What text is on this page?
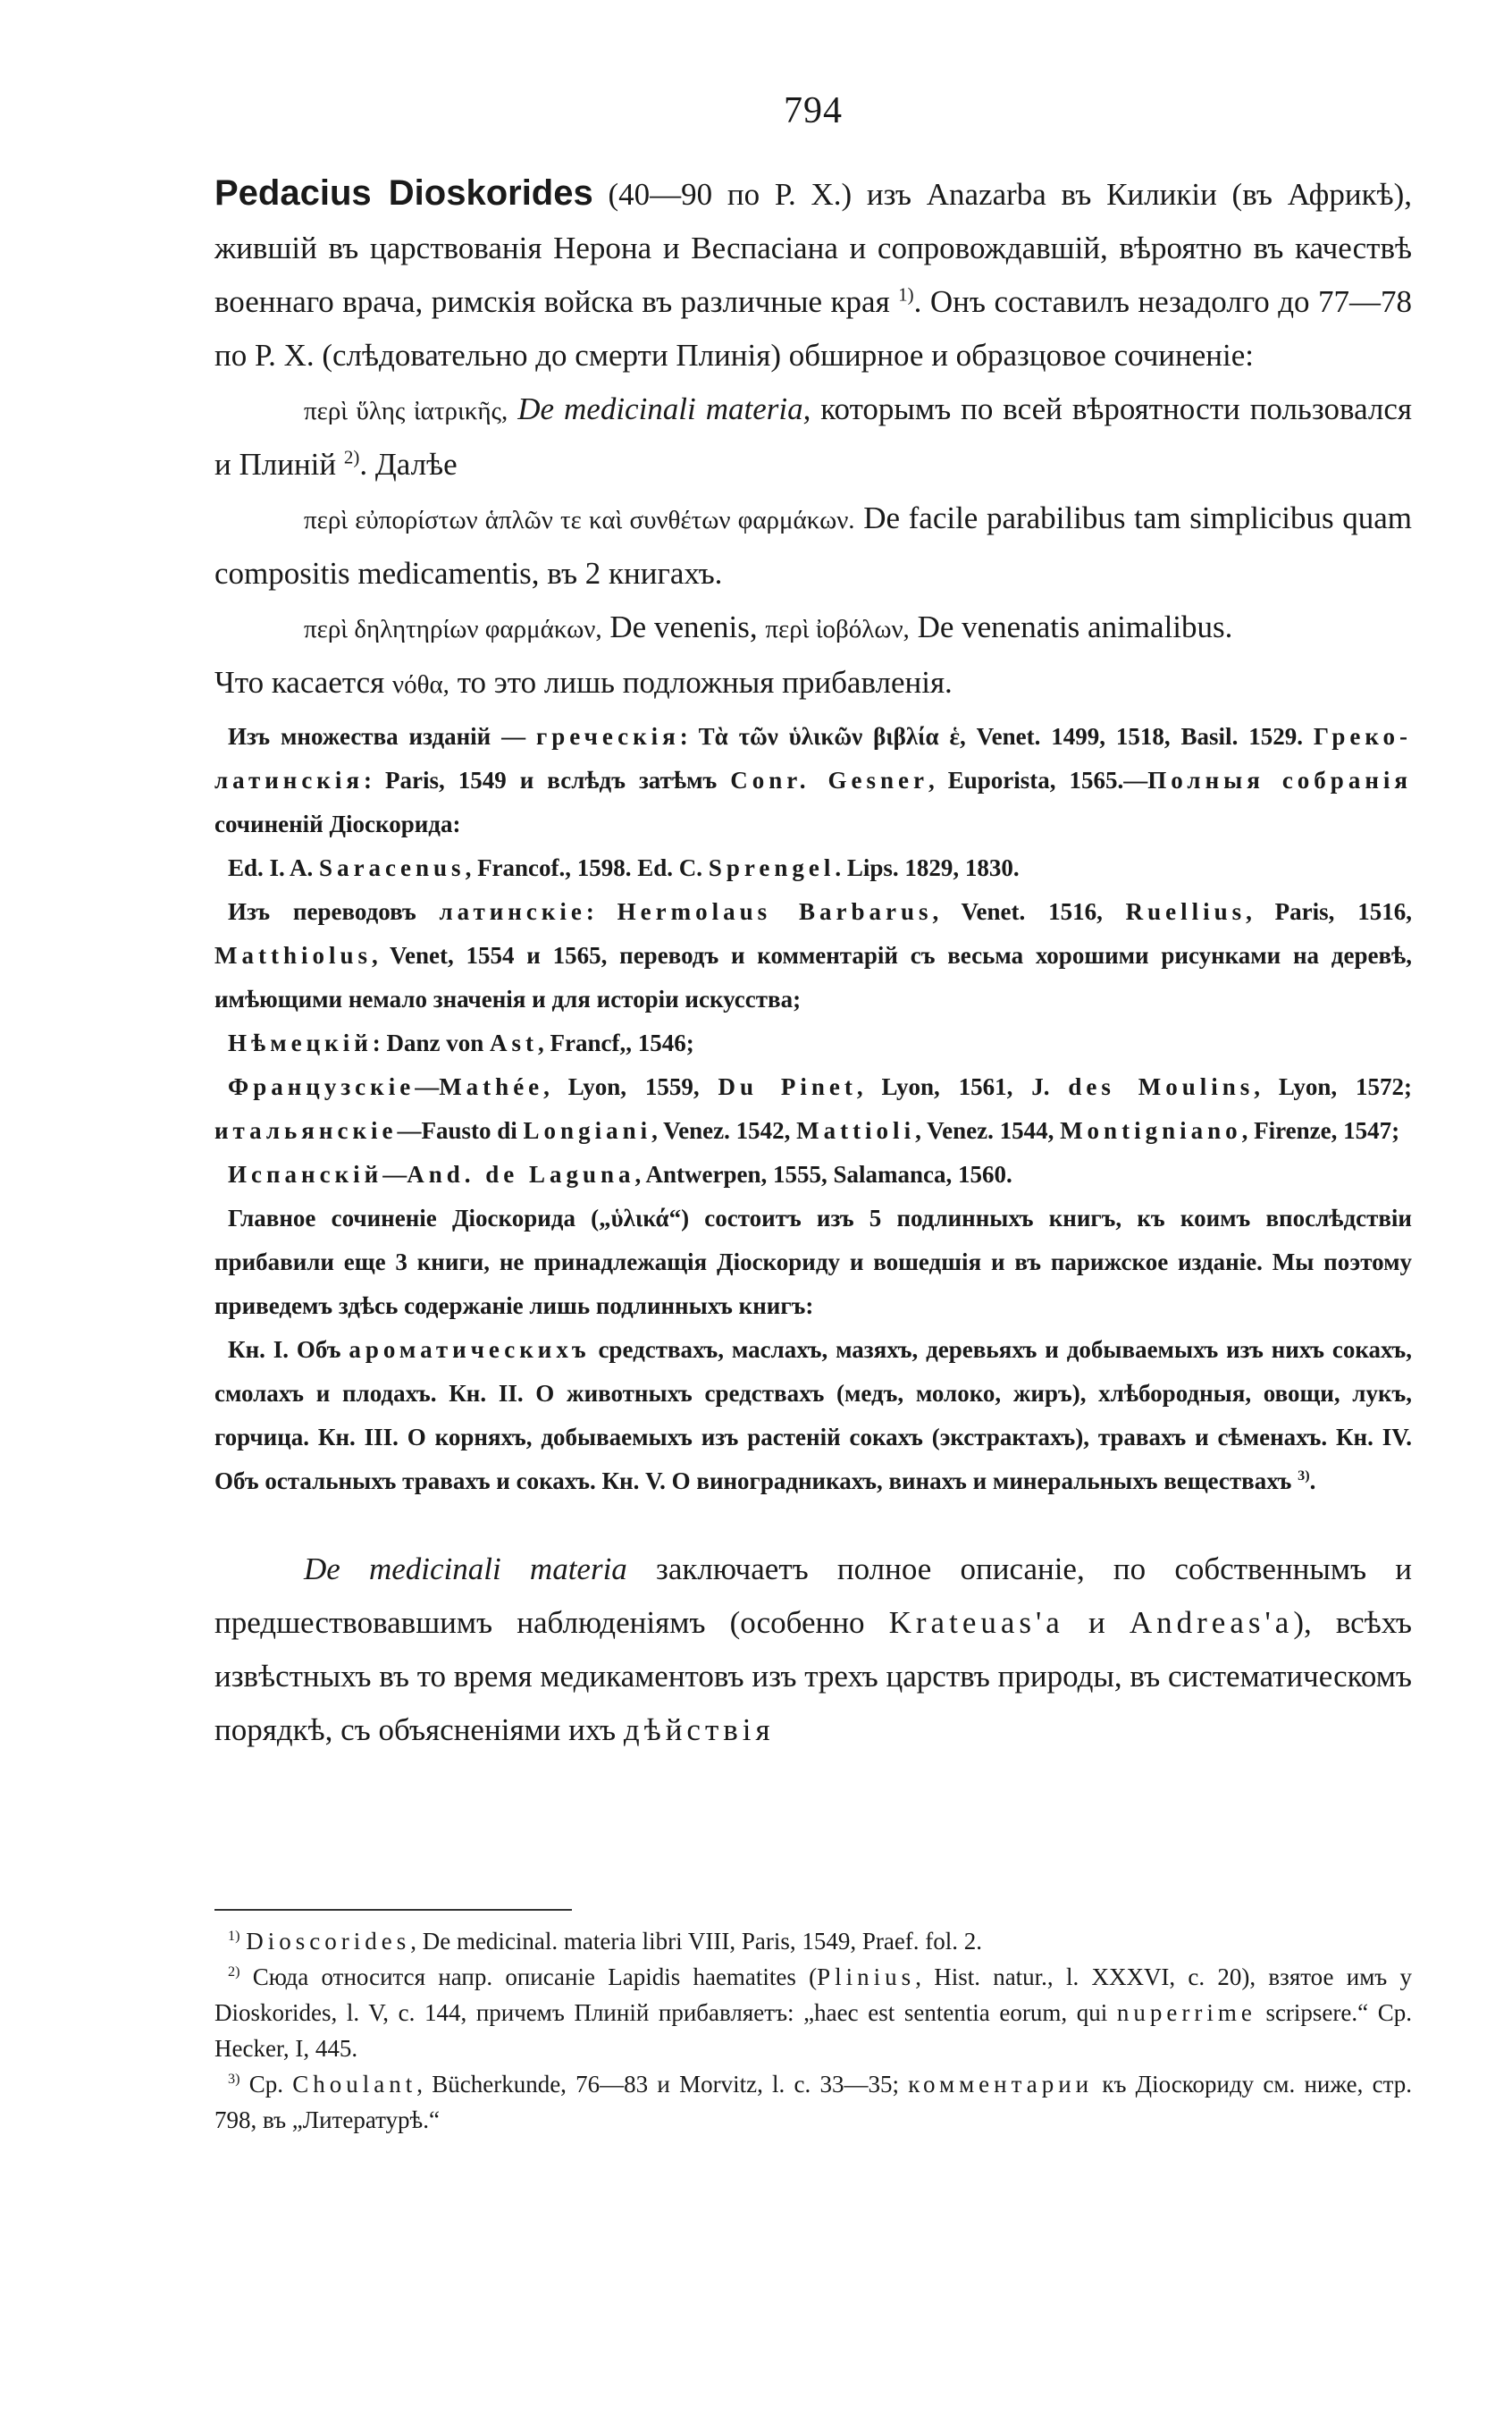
794

Pedacius Dioskorides (40—90 по Р. Х.) изъ Anazarba въ Киликіи (въ Африкѣ), жившій въ царствованія Нерона и Веспасіана и сопровождавшій, вѣроятно въ качествѣ военнаго врача, римскія войска въ различные края $^{1)}$. Онъ составилъ незадолго до 77—78 по Р. Х. (слѣдовательно до смерти Плинія) обширное и образцовое сочиненіе:

περὶ ὕλης ἰατρικῆς, De medicinali materia, которымъ по всей вѣроятности пользовался и Плиній $^{2)}$. Далѣе

περὶ εὐπορίστων ἁπλῶν τε καὶ συνθέτων φαρμάκων. De facile parabilibus tam simplicibus quam compositis medicamentis, въ 2 книгахъ.

περὶ δηλητηρίων φαρμάκων, De venenis, περὶ ἰοβόλων, De venenatis animalibus.

Что касается νόθα, то это лишь подложныя прибавленія.

Изъ множества изданій — греческія: Τὰ τῶν ὑλικῶν βιβλία ἑ, Venet. 1499, 1518, Basil. 1529. Греко-латинскія: Paris, 1549 и вслѣдъ затѣмъ Conr. Gesner, Euporista, 1565.—Полныя собранія сочиненій Діоскорида:

Ed. I. A. Saracenus, Francof., 1598. Ed. C. Sprengel. Lips. 1829, 1830.

Изъ переводовъ латинскіе: Hermolaus Barbarus, Venet. 1516, Ruellius, Paris, 1516, Matthiolus, Venet, 1554 и 1565, переводъ и комментарій съ весьма хорошими рисунками на деревѣ, имѣющими немало значенія и для исторіи искусства;

Нѣмецкій: Danz von Ast, Francf,, 1546;

Французскіе—Mathée, Lyon, 1559, Du Pinet, Lyon, 1561, J. des Moulins, Lyon, 1572; итальянскіе—Fausto di Longiani, Venez. 1542, Mattioli, Venez. 1544, Montigniano, Firenze, 1547;

Испанскій—And. de Laguna, Antwerpen, 1555, Salamanca, 1560.

Главное сочиненіе Діоскорида („ὑλικά“) состоитъ изъ 5 подлинныхъ книгъ, къ коимъ впослѣдствіи прибавили еще 3 книги, не принадлежащія Діоскориду и вошедшія и въ парижское изданіе. Мы поэтому приведемъ здѣсь содержаніе лишь подлинныхъ книгъ:

Кн. I. Объ ароматическихъ средствахъ, маслахъ, мазяхъ, деревьяхъ и добываемыхъ изъ нихъ сокахъ, смолахъ и плодахъ. Кн. II. О животныхъ средствахъ (медъ, молоко, жиръ), хлѣбородныя, овощи, лукъ, горчица. Кн. III. О корняхъ, добываемыхъ изъ растеній сокахъ (экстрактахъ), травахъ и сѣменахъ. Кн. IV. Объ остальныхъ травахъ и сокахъ. Кн. V. О виноградникахъ, винахъ и минеральныхъ веществахъ $^{3)}$.

De medicinali materia заключаетъ полное описаніе, по собственнымъ и предшествовавшимъ наблюденіямъ (особенно Krateuas'a и Andreas'a), всѣхъ извѣстныхъ въ то время медикаментовъ изъ трехъ царствъ природы, въ систематическомъ порядкѣ, съ объясненіями ихъ дѣйствія

$^{1)}$ Dioscorides, De medicinal. materia libri VIII, Paris, 1549, Praef. fol. 2.

$^{2)}$ Сюда относится напр. описаніе Lapidis haematites (Plinius, Hist. natur., l. XXXVI, c. 20), взятое имъ у Dioskorides, l. V, c. 144, причемъ Плиній прибавляетъ: „haec est sententia eorum, qui nuperrime scripsere.“ Ср. Hecker, I, 445.

$^{3)}$ Ср. Choulant, Bücherkunde, 76—83 и Morvitz, l. c. 33—35; комментарии къ Діоскориду см. ниже, стр. 798, въ „Литературѣ.“
